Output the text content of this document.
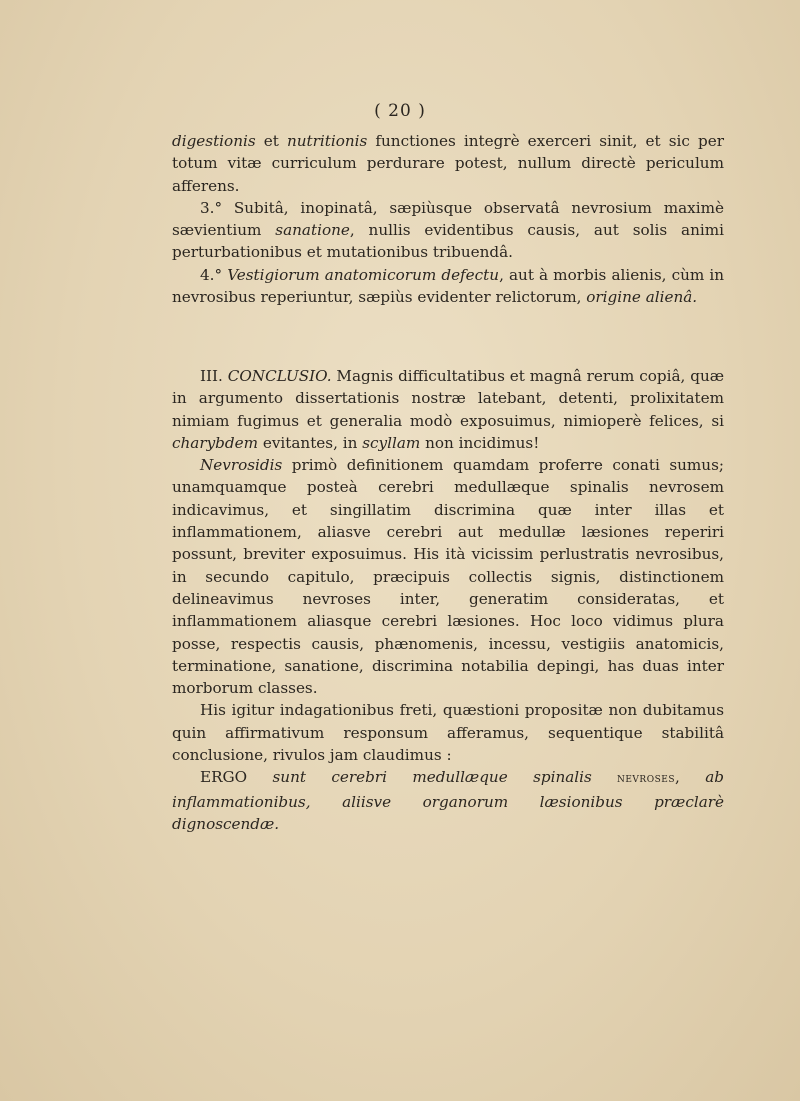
( 20 )

digestionis et nutritionis functiones integrè exerceri sinit, et sic per totum vitæ curriculum perdurare potest, nullum directè periculum afferens.

3.° Subitâ, inopinatâ, sæpiùsque observatâ nevrosium maximè sævientium sanatione, nullis evidentibus causis, aut solis animi perturbationibus et mutationibus tribuendâ.

4.° Vestigiorum anatomicorum defectu, aut à morbis alienis, cùm in nevrosibus reperiuntur, sæpiùs evidenter relictorum, origine alienâ.

III. CONCLUSIO. Magnis difficultatibus et magnâ rerum copiâ, quæ in argumento dissertationis nostræ latebant, detenti, prolixitatem nimiam fugimus et generalia modò exposuimus, nimioperè felices, si charybdem evitantes, in scyllam non incidimus!

Nevrosidis primò definitionem quamdam proferre conati sumus; unamquamque posteà cerebri medullæque spinalis nevrosem indicavimus, et singillatim discrimina quæ inter illas et inflammationem, aliasve cerebri aut medullæ læsiones reperiri possunt, breviter exposuimus. His ità vicissim perlustratis nevrosibus, in secundo capitulo, præcipuis collectis signis, distinctionem delineavimus nevroses inter, generatim consideratas, et inflammationem aliasque cerebri læsiones. Hoc loco vidimus plura posse, respectis causis, phænomenis, incessu, vestigiis anatomicis, terminatione, sanatione, discrimina notabilia depingi, has duas inter morborum classes.

His igitur indagationibus freti, quæstioni propositæ non dubitamus quin affirmativum responsum afferamus, sequentique stabilitâ conclusione, rivulos jam claudimus :

ERGO sunt cerebri medullæque spinalis nevroses, ab inflammationibus, aliisve organorum læsionibus præclarè dignoscendæ.
